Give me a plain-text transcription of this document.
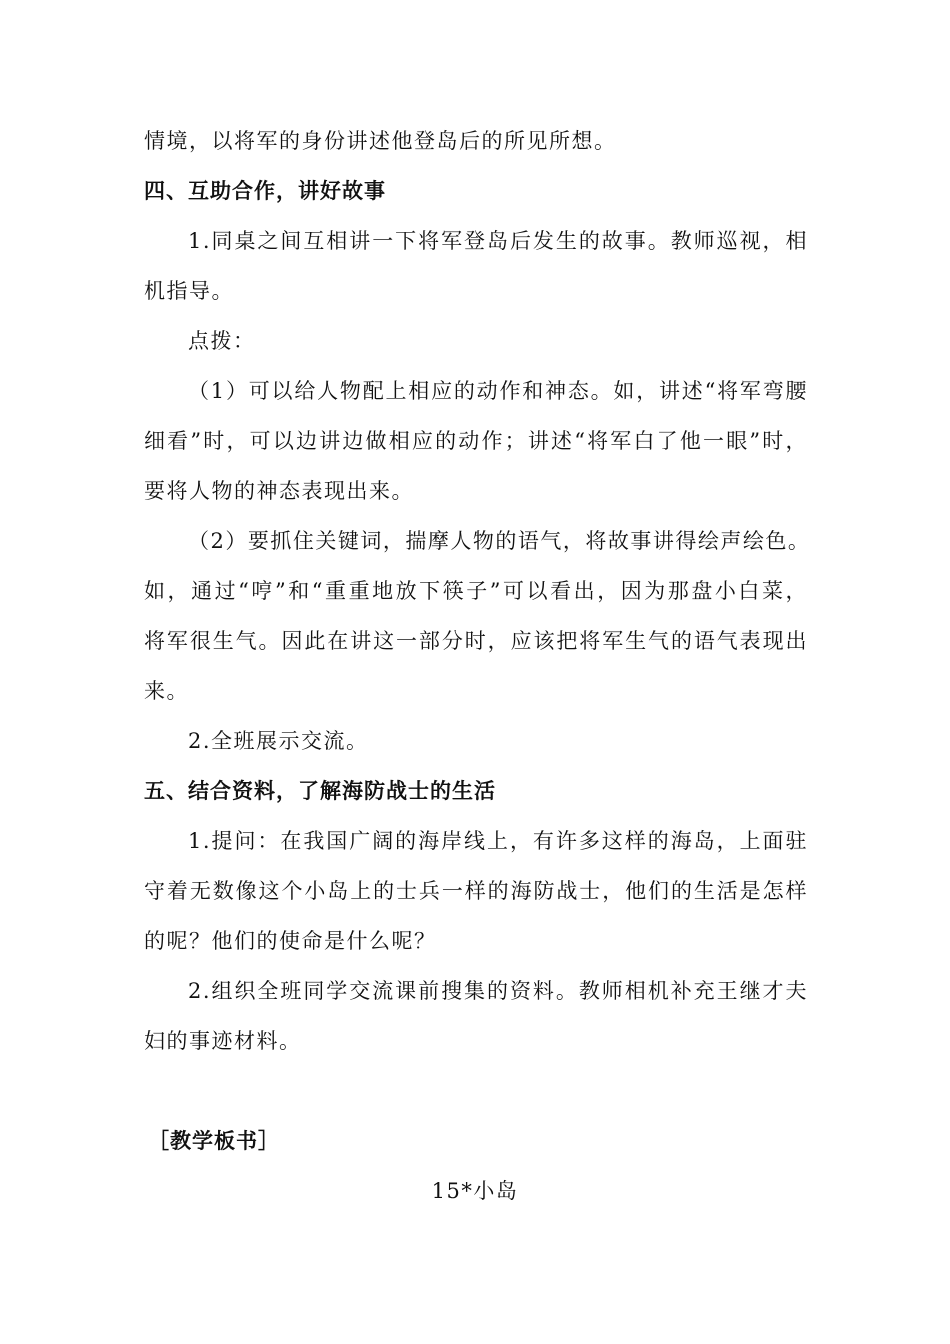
情境，以将军的身份讲述他登岛后的所见所想。
四、互助合作，讲好故事
1.同桌之间互相讲一下将军登岛后发生的故事。教师巡视，相
机指导。
点拨：
（1）可以给人物配上相应的动作和神态。如，讲述“将军弯腰
细看”时，可以边讲边做相应的动作；讲述“将军白了他一眼”时，
要将人物的神态表现出来。
（2）要抓住关键词，揣摩人物的语气，将故事讲得绘声绘色。
如，通过“哼”和“重重地放下筷子”可以看出，因为那盘小白菜，
将军很生气。因此在讲这一部分时，应该把将军生气的语气表现出
来。
2.全班展示交流。
五、结合资料，了解海防战士的生活
1.提问：在我国广阔的海岸线上，有许多这样的海岛，上面驻
守着无数像这个小岛上的士兵一样的海防战士，他们的生活是怎样
的呢？他们的使命是什么呢？
2.组织全班同学交流课前搜集的资料。教师相机补充王继才夫
妇的事迹材料。
［教学板书］
15*小岛
